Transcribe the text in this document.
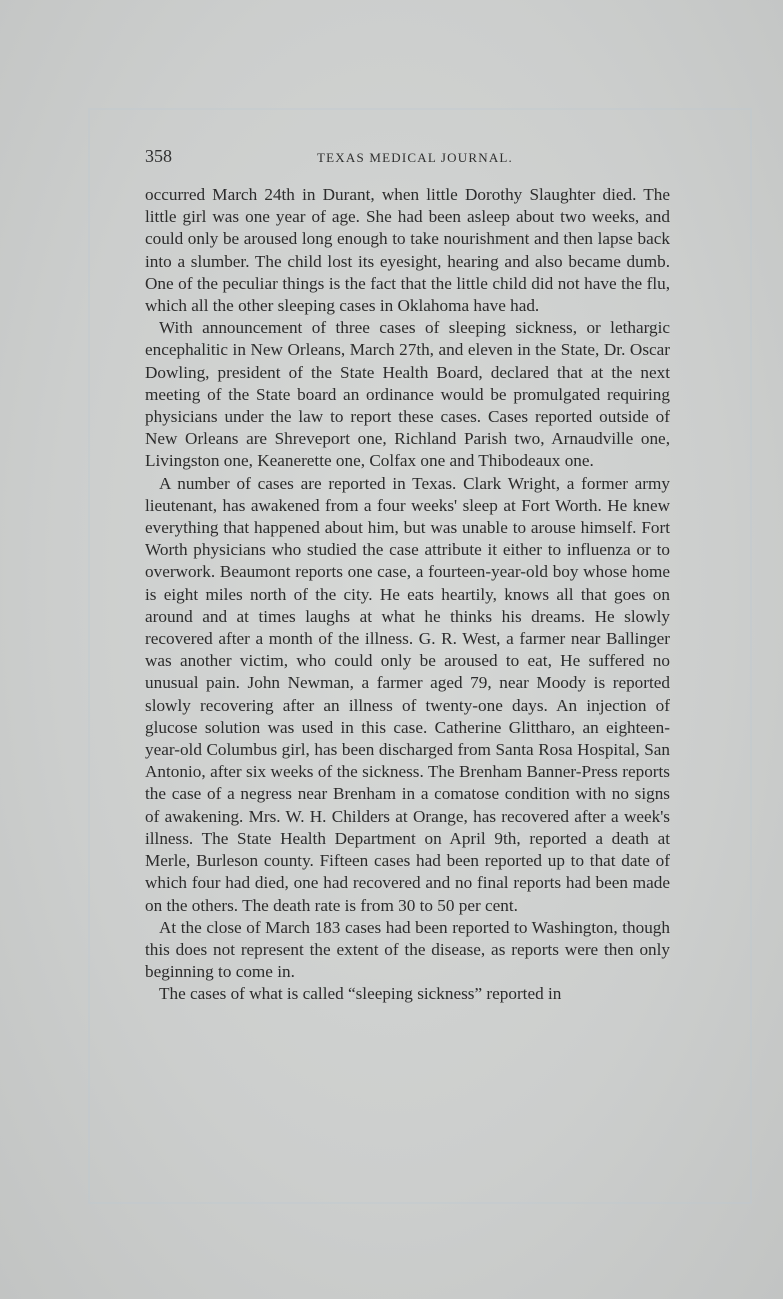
358	TEXAS MEDICAL JOURNAL.

occurred March 24th in Durant, when little Dorothy Slaughter died. The little girl was one year of age. She had been asleep about two weeks, and could only be aroused long enough to take nourishment and then lapse back into a slumber. The child lost its eyesight, hearing and also became dumb. One of the peculiar things is the fact that the little child did not have the flu, which all the other sleeping cases in Oklahoma have had.

With announcement of three cases of sleeping sickness, or lethargic encephalitic in New Orleans, March 27th, and eleven in the State, Dr. Oscar Dowling, president of the State Health Board, declared that at the next meeting of the State board an ordinance would be promulgated requiring physicians under the law to report these cases. Cases reported outside of New Orleans are Shreveport one, Richland Parish two, Arnaudville one, Livingston one, Keanerette one, Colfax one and Thibodeaux one.

A number of cases are reported in Texas. Clark Wright, a former army lieutenant, has awakened from a four weeks' sleep at Fort Worth. He knew everything that happened about him, but was unable to arouse himself. Fort Worth physicians who studied the case attribute it either to influenza or to overwork. Beaumont reports one case, a fourteen-year-old boy whose home is eight miles north of the city. He eats heartily, knows all that goes on around and at times laughs at what he thinks his dreams. He slowly recovered after a month of the illness. G. R. West, a farmer near Ballinger was another victim, who could only be aroused to eat, He suffered no unusual pain. John Newman, a farmer aged 79, near Moody is reported slowly recovering after an illness of twenty-one days. An injection of glucose solution was used in this case. Catherine Glittharo, an eighteen-year-old Columbus girl, has been discharged from Santa Rosa Hospital, San Antonio, after six weeks of the sickness. The Brenham Banner-Press reports the case of a negress near Brenham in a comatose condition with no signs of awakening. Mrs. W. H. Childers at Orange, has recovered after a week's illness. The State Health Department on April 9th, reported a death at Merle, Burleson county. Fifteen cases had been reported up to that date of which four had died, one had recovered and no final reports had been made on the others. The death rate is from 30 to 50 per cent.

At the close of March 183 cases had been reported to Washington, though this does not represent the extent of the disease, as reports were then only beginning to come in.

The cases of what is called “sleeping sickness” reported in
